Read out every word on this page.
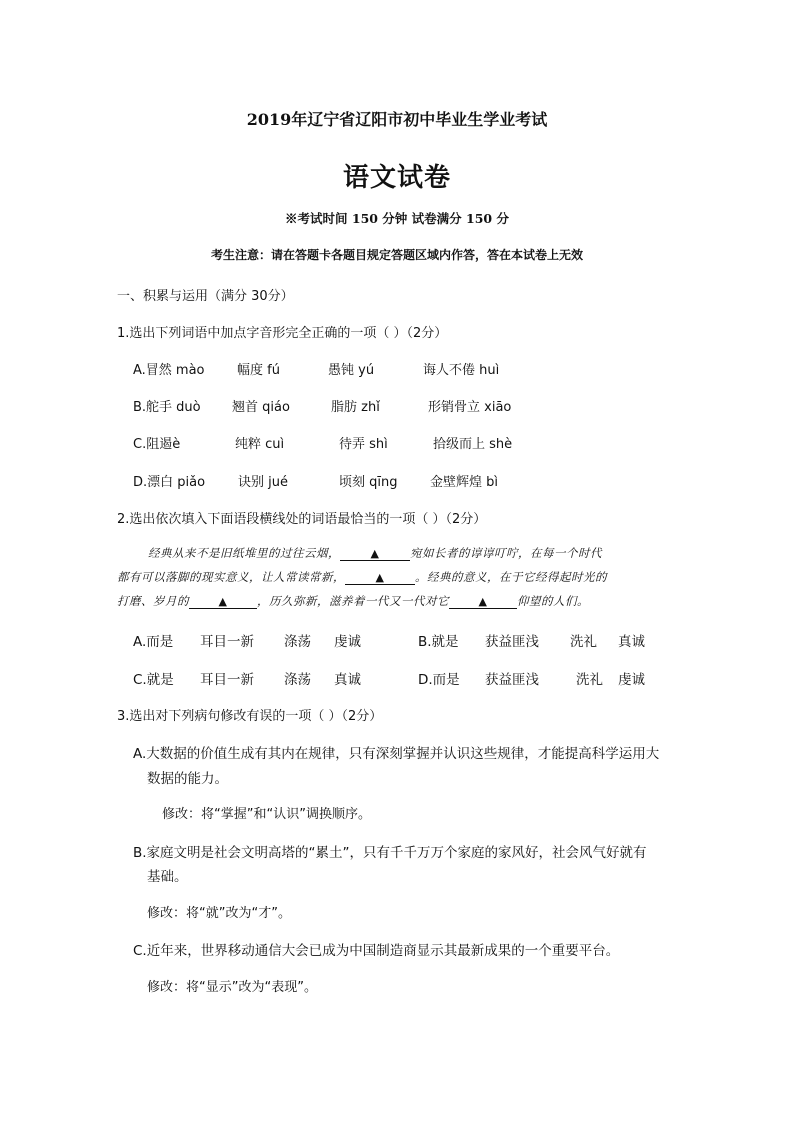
2019年辽宁省辽阳市初中毕业生学业考试
语文试卷
※考试时间 150 分钟 试卷满分 150 分
考生注意：请在答题卡各题目规定答题区域内作答，答在本试卷上无效
一、积累与运用（满分 30分）
1.选出下列词语中加点字音形完全正确的一项（ ）（2分）
A.冒然 mào 幅度 fú	愚钝 yú	诲人不倦 huì
B.舵手 duò 翘首 qiáo	脂肪 zhǐ	形销骨立 xiāo
C.阻遏è	纯粹 cuì	待弄 shì	拾级而上 shè
D.漂白 piǎo	诀别 jué	顷刻 qīng	金壁辉煌 bì
2.选出依次填入下面语段横线处的词语最恰当的一项（ ）（2分）
经典从来不是旧纸堆里的过往云烟，	▲	宛如长者的谆谆叮咛，在每一个时代
都有可以落脚的现实意义，让人常读常新，	▲	。经典的意义，在于它经得起时光的
打磨、岁月的	▲	，历久弥新，滋养着一代又一代对它	▲	仰望的人们。
A.而是 耳目一新 涤荡 虔诚	B.就是 获益匪浅 洗礼 真诚
C.就是 耳目一新 涤荡 真诚	D.而是 获益匪浅	洗礼 虔诚
3.选出对下列病句修改有误的一项（ ）（2分）
A.大数据的价值生成有其内在规律，只有深刻掌握并认识这些规律，才能提高科学运用大
数据的能力。
修改：将“掌握”和“认识”调换顺序。
B.家庭文明是社会文明高塔的“累土”，只有千千万万个家庭的家风好，社会风气好就有
基础。
修改：将“就”改为“才”。
C.近年来，世界移动通信大会已成为中国制造商显示其最新成果的一个重要平台。
修改：将“显示”改为“表现”。
